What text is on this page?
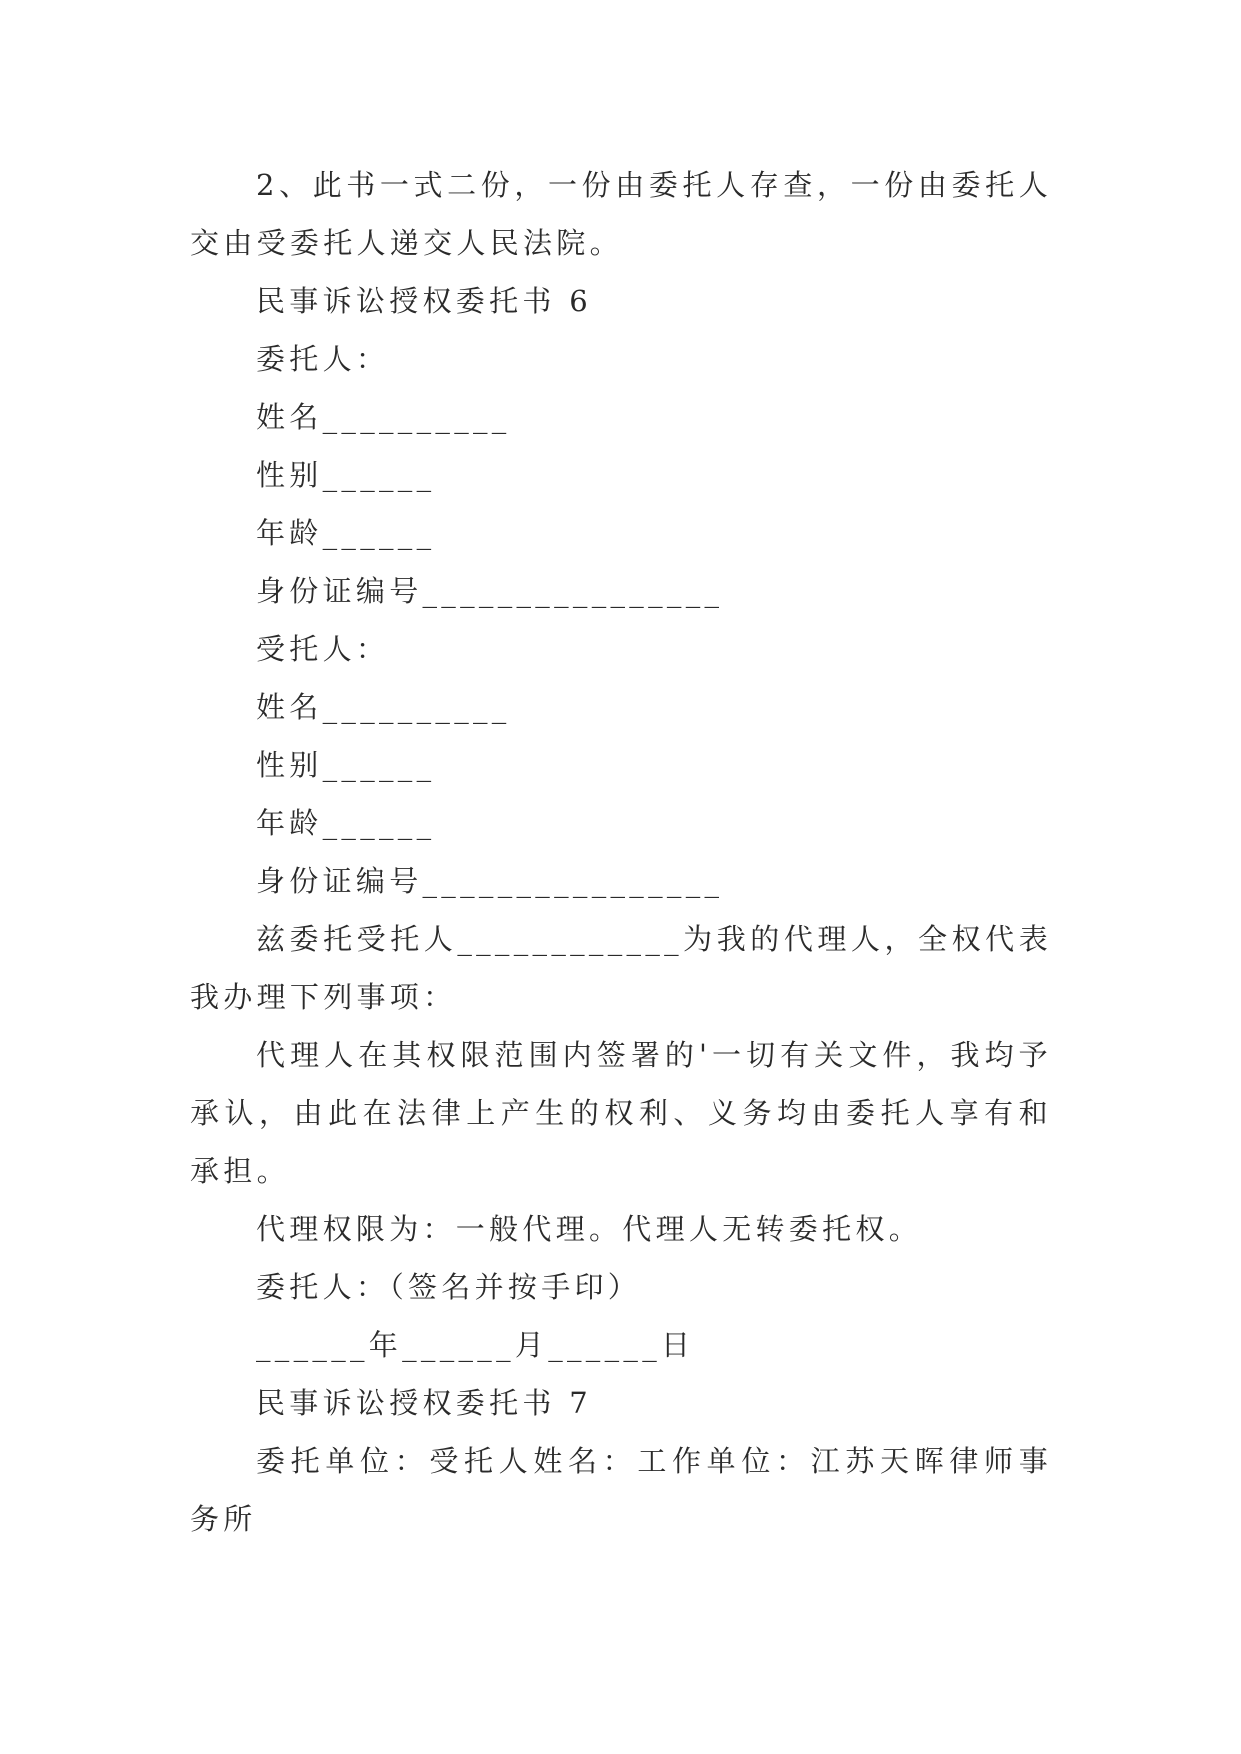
2、此书一式二份，一份由委托人存查，一份由委托人交由受委托人递交人民法院。

民事诉讼授权委托书 6

委托人：

姓名__________

性别______

年龄______

身份证编号________________

受托人：

姓名__________

性别______

年龄______

身份证编号________________

兹委托受托人____________为我的代理人，全权代表我办理下列事项：

代理人在其权限范围内签署的'一切有关文件，我均予承认，由此在法律上产生的权利、义务均由委托人享有和承担。

代理权限为：一般代理。代理人无转委托权。

委托人：（签名并按手印）

______年______月______日

民事诉讼授权委托书 7

委托单位：受托人姓名：工作单位：江苏天晖律师事务所
